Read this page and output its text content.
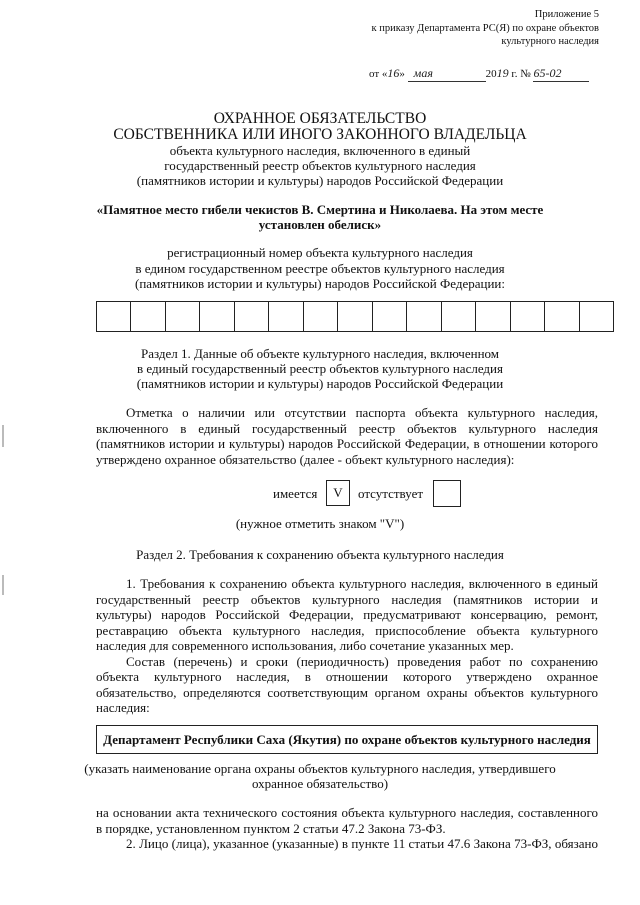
Приложение 5
к приказу Департамента РС(Я) по охране объектов
культурного наследия
от «16» мая	2019 г. № 65-02
ОХРАННОЕ ОБЯЗАТЕЛЬСТВО
СОБСТВЕННИКА ИЛИ ИНОГО ЗАКОННОГО ВЛАДЕЛЬЦА
объекта культурного наследия, включенного в единый
государственный реестр объектов культурного наследия
(памятников истории и культуры) народов Российской Федерации
«Памятное место гибели чекистов В. Смертина и Николаева. На этом месте
установлен обелиск»
регистрационный номер объекта культурного наследия
в едином государственном реестре объектов культурного наследия
(памятников истории и культуры) народов Российской Федерации:
Раздел 1. Данные об объекте культурного наследия, включенном
в единый государственный реестр объектов культурного наследия
(памятников истории и культуры) народов Российской Федерации
Отметка о наличии или отсутствии паспорта объекта культурного наследия,
включенного в единый государственный реестр объектов культурного наследия
(памятников истории и культуры) народов Российской Федерации, в отношении которого
утверждено охранное обязательство (далее - объект культурного наследия):
имеется	V	отсутствует
(нужное отметить знаком "V")
Раздел 2. Требования к сохранению объекта культурного наследия
1. Требования к сохранению объекта культурного наследия, включенного в единый
государственный реестр объектов культурного наследия (памятников истории и
культуры) народов Российской Федерации, предусматривают консервацию, ремонт,
реставрацию объекта культурного наследия, приспособление объекта культурного
наследия для современного использования, либо сочетание указанных мер.
Состав (перечень) и сроки (периодичность) проведения работ по сохранению
объекта культурного наследия, в отношении которого утверждено охранное
обязательство, определяются соответствующим органом охраны объектов культурного
наследия:
Департамент Республики Саха (Якутия) по охране объектов культурного наследия
(указать наименование органа охраны объектов культурного наследия, утвердившего
охранное обязательство)
на основании акта технического состояния объекта культурного наследия, составленного
в порядке, установленном пунктом 2 статьи 47.2 Закона 73-ФЗ.
2. Лицо (лица), указанное (указанные) в пункте 11 статьи 47.6 Закона 73-ФЗ, обязано
